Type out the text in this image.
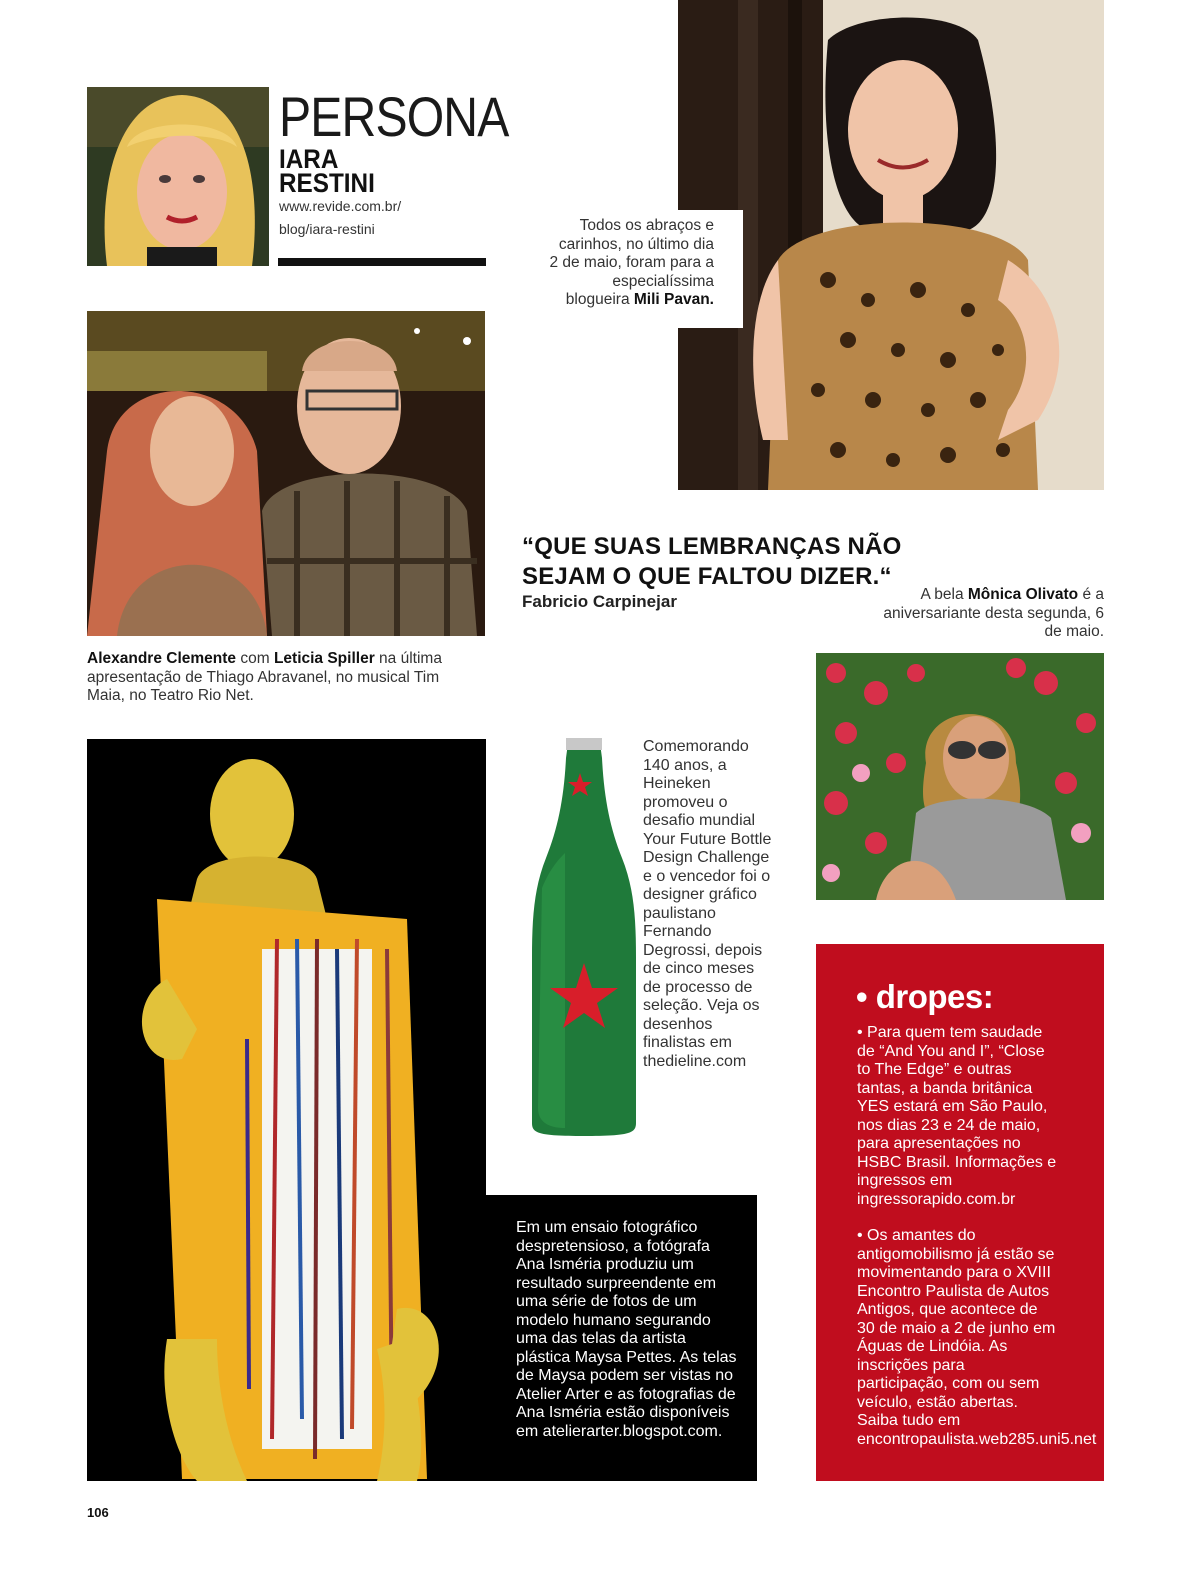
PERSONA
IARA
RESTINI
www.revide.com.br/
blog/iara-restini	Todos os abraços e carinhos, no último dia 2 de maio, foram para a especialíssima blogueira Mili Pavan.
“QUE SUAS LEMBRANÇAS NÃO
SEJAM O QUE FALTOU DIZER.“
Fabricio Carpinejar	A bela Mônica Olivato é a aniversariante desta segunda, 6 de maio.
Alexandre Clemente com Leticia Spiller na última apresentação de Thiago Abravanel, no musical Tim Maia, no Teatro Rio Net.
Comemorando 140 anos, a Heineken promoveu o desafio mundial Your Future Bottle Design Challenge e o vencedor foi o designer gráfico paulistano Fernando Degrossi, depois de cinco meses de processo de seleção. Veja os desenhos finalistas em thedieline.com
Em um ensaio fotográfico despretensioso, a fotógrafa Ana Isméria produziu um resultado surpreendente em uma série de fotos de um modelo humano segurando uma das telas da artista plástica Maysa Pettes. As telas de Maysa podem ser vistas no Atelier Arter e as fotografias de Ana Isméria estão disponíveis em atelierarter.blogspot.com.
• dropes:
• Para quem tem saudade de “And You and I”, “Close to The Edge” e outras tantas, a banda britânica YES estará em São Paulo, nos dias 23 e 24 de maio, para apresentações no HSBC Brasil. Informações e ingressos em ingressorapido.com.br
• Os amantes do antigomobilismo já estão se movimentando para o XVIII Encontro Paulista de Autos Antigos, que acontece de 30 de maio a 2 de junho em Águas de Lindóia. As inscrições para participação, com ou sem veículo, estão abertas. Saiba tudo em encontropaulista.web285.uni5.net
106
